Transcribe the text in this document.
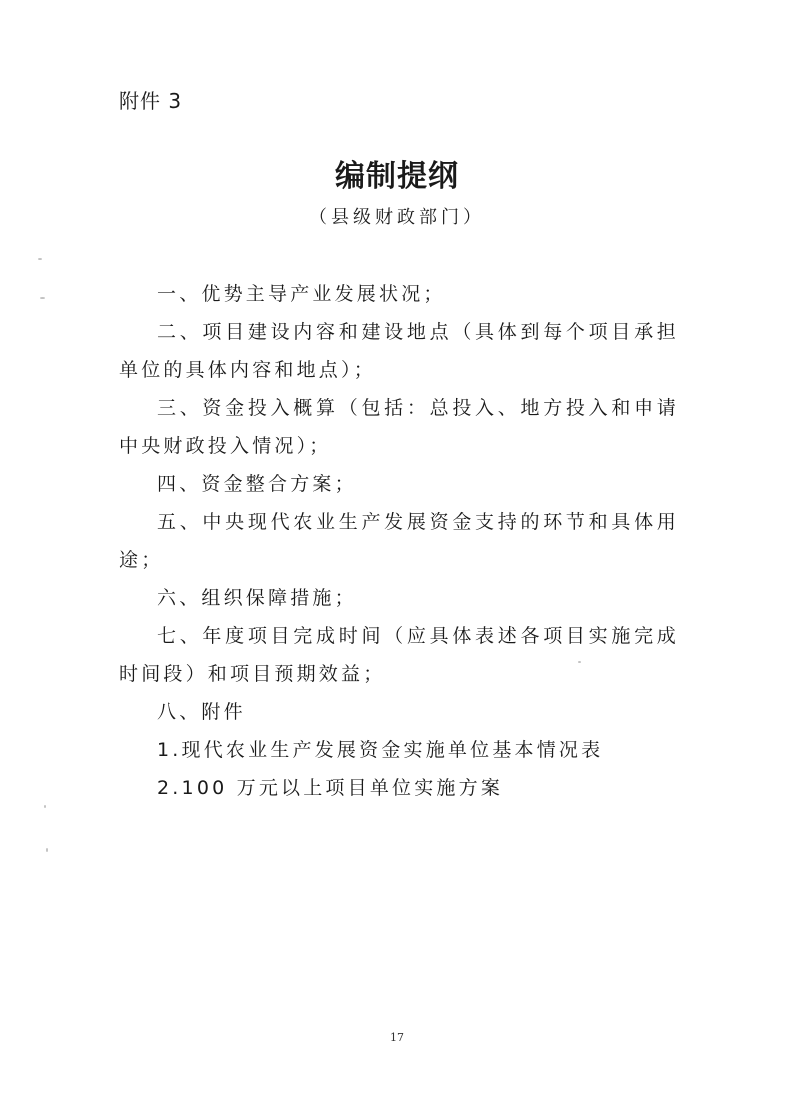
附件 3
编制提纲
（县级财政部门）

一、优势主导产业发展状况；

二、项目建设内容和建设地点（具体到每个项目承担单位的具体内容和地点）；

三、资金投入概算（包括：总投入、地方投入和申请中央财政投入情况）；

四、资金整合方案；

五、中央现代农业生产发展资金支持的环节和具体用途；

六、组织保障措施；

七、年度项目完成时间（应具体表述各项目实施完成时间段）和项目预期效益；

八、附件

1.现代农业生产发展资金实施单位基本情况表

2.100 万元以上项目单位实施方案

17
